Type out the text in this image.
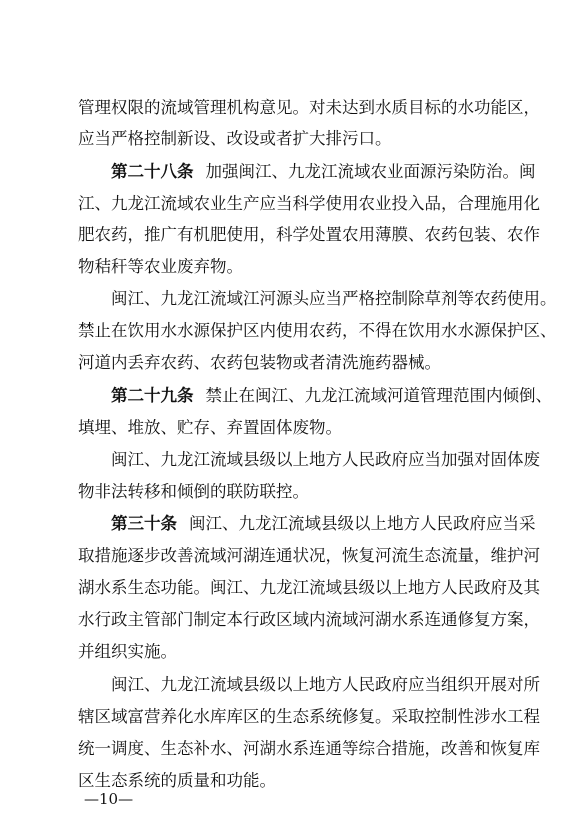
管理权限的流域管理机构意见。对未达到水质目标的水功能区，
应当严格控制新设、改设或者扩大排污口。
第二十八条 加强闽江、九龙江流域农业面源污染防治。闽
江、九龙江流域农业生产应当科学使用农业投入品，合理施用化
肥农药，推广有机肥使用，科学处置农用薄膜、农药包装、农作
物秸秆等农业废弃物。
闽江、九龙江流域江河源头应当严格控制除草剂等农药使用。
禁止在饮用水水源保护区内使用农药，不得在饮用水水源保护区、
河道内丢弃农药、农药包装物或者清洗施药器械。
第二十九条 禁止在闽江、九龙江流域河道管理范围内倾倒、
填埋、堆放、贮存、弃置固体废物。
闽江、九龙江流域县级以上地方人民政府应当加强对固体废
物非法转移和倾倒的联防联控。
第三十条 闽江、九龙江流域县级以上地方人民政府应当采
取措施逐步改善流域河湖连通状况，恢复河流生态流量，维护河
湖水系生态功能。闽江、九龙江流域县级以上地方人民政府及其
水行政主管部门制定本行政区域内流域河湖水系连通修复方案，
并组织实施。
闽江、九龙江流域县级以上地方人民政府应当组织开展对所
辖区域富营养化水库库区的生态系统修复。采取控制性涉水工程
统一调度、生态补水、河湖水系连通等综合措施，改善和恢复库
区生态系统的质量和功能。
—10—
